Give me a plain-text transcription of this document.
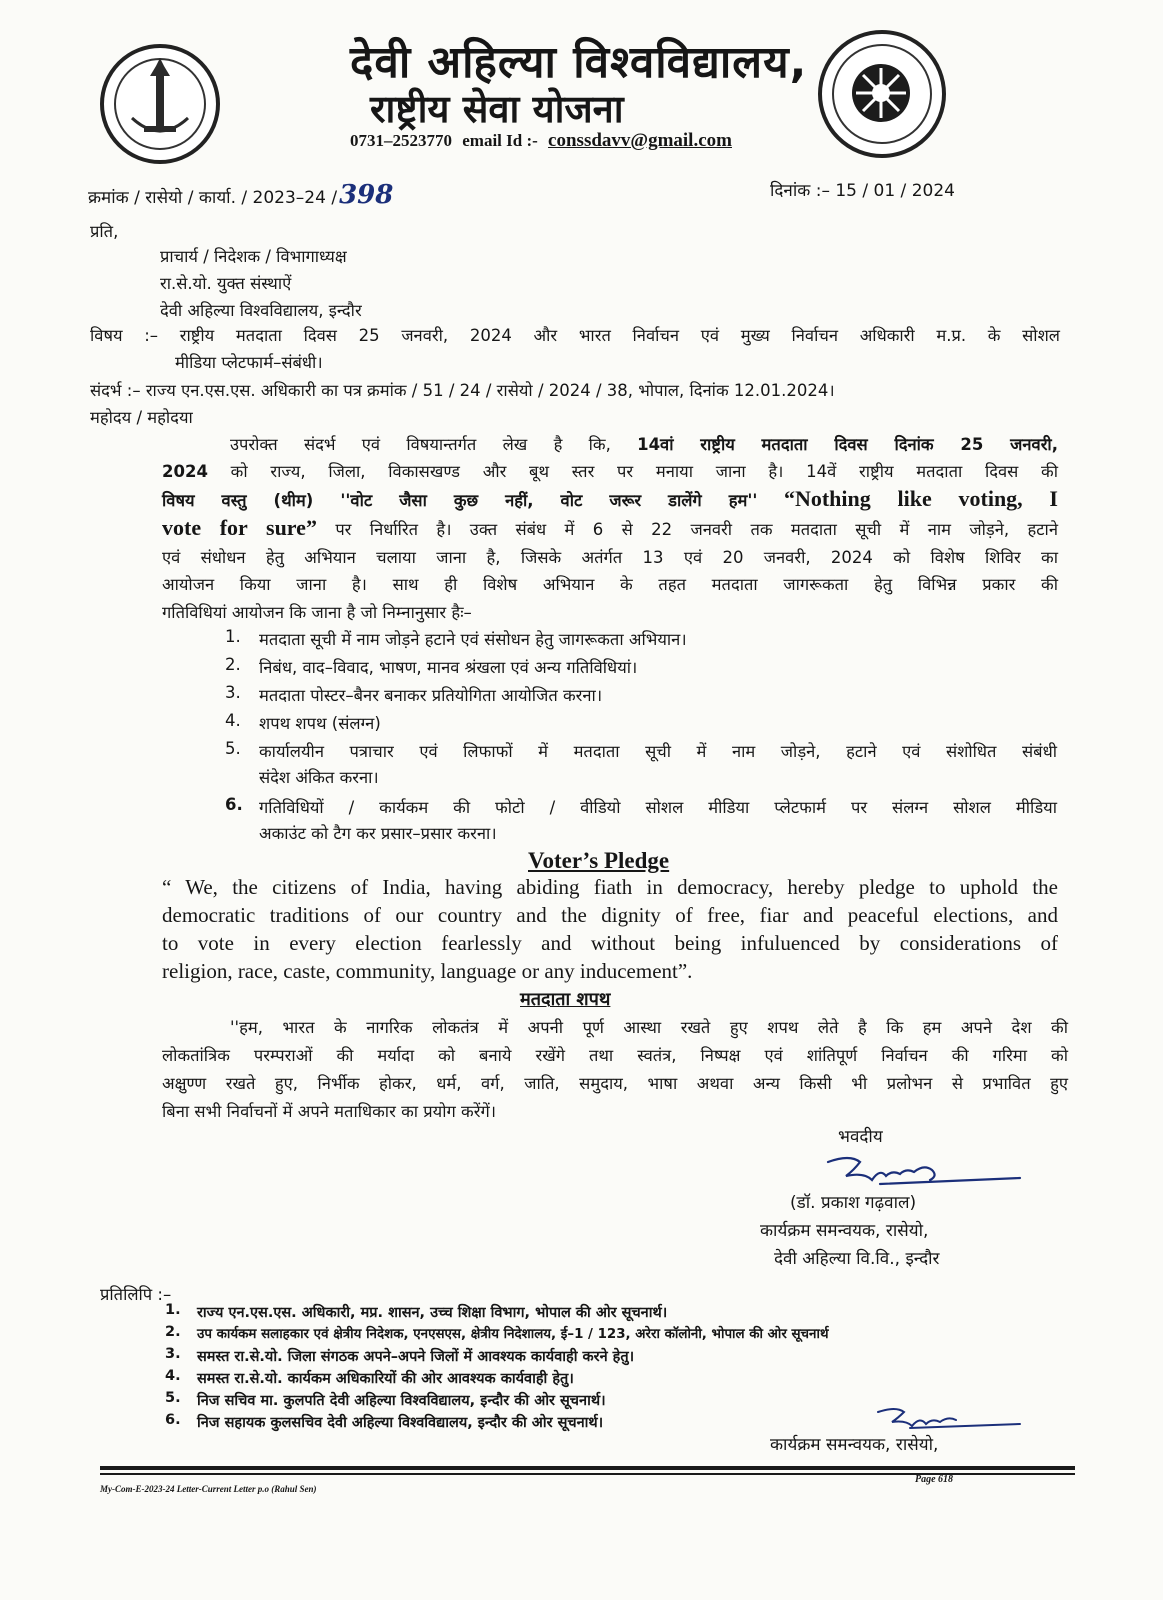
देवी अहिल्या विश्वविद्यालय,
राष्ट्रीय सेवा योजना
0731–2523770 email Id :- conssdavv@gmail.com
क्रमांक / रासेयो / कार्या. / 2023–24 /398	दिनांक :– 15 / 01 / 2024
प्रति,
प्राचार्य / निदेशक / विभागाध्यक्ष
रा.से.यो. युक्त संस्थाऐं
देवी अहिल्या विश्वविद्यालय, इन्दौर
विषय :– राष्ट्रीय मतदाता दिवस 25 जनवरी, 2024 और भारत निर्वाचन एवं मुख्य निर्वाचन अधिकारी म.प्र. के सोशल
मीडिया प्लेटफार्म–संबंधी।
संदर्भ :– राज्य एन.एस.एस. अधिकारी का पत्र क्रमांक / 51 / 24 / रासेयो / 2024 / 38, भोपाल, दिनांक 12.01.2024।
महोदय / महोदया
उपरोक्त संदर्भ एवं विषयान्तर्गत लेख है कि, 14वां राष्ट्रीय मतदाता दिवस दिनांक 25 जनवरी,
2024 को राज्य, जिला, विकासखण्ड और बूथ स्तर पर मनाया जाना है। 14वें राष्ट्रीय मतदाता दिवस की
विषय वस्तु (थीम) ''वोट जैसा कुछ नहीं, वोट जरूर डालेंगे हम'' “Nothing like voting, I
vote for sure” पर निर्धारित है। उक्त संबंध में 6 से 22 जनवरी तक मतदाता सूची में नाम जोड़ने, हटाने
एवं संधोधन हेतु अभियान चलाया जाना है, जिसके अतंर्गत 13 एवं 20 जनवरी, 2024 को विशेष शिविर का
आयोजन किया जाना है। साथ ही विशेष अभियान के तहत मतदाता जागरूकता हेतु विभिन्न प्रकार की
गतिविधियां आयोजन कि जाना है जो निम्नानुसार हैः–
1.	मतदाता सूची में नाम जोड़ने हटाने एवं संसोधन हेतु जागरूकता अभियान।
2.	निबंध, वाद–विवाद, भाषण, मानव श्रंखला एवं अन्य गतिविधियां।
3.	मतदाता पोस्टर–बैनर बनाकर प्रतियोगिता आयोजित करना।
4.	शपथ शपथ (संलग्न)
5.	कार्यालयीन पत्राचार एवं लिफाफों में मतदाता सूची में नाम जोड़ने, हटाने एवं संशोधित संबंधी
संदेश अंकित करना।
6. गतिविधियों / कार्यकम की फोटो / वीडियो सोशल मीडिया प्लेटफार्म पर संलग्न सोशल मीडिया
अकाउंट को टैग कर प्रसार–प्रसार करना।
Voter’s Pledge
“ We, the citizens of India, having abiding fiath in democracy, hereby pledge to uphold the
democratic traditions of our country and the dignity of free, fiar and peaceful elections, and
to vote in every election fearlessly and without being infuluenced by considerations of
religion, race, caste, community, language or any inducement”.
मतदाता शपथ
''हम, भारत के नागरिक लोकतंत्र में अपनी पूर्ण आस्था रखते हुए शपथ लेते है कि हम अपने देश की
लोकतांत्रिक परम्पराओं की मर्यादा को बनाये रखेंगे तथा स्वतंत्र, निष्पक्ष एवं शांतिपूर्ण निर्वाचन की गरिमा को
अक्षुण्ण रखते हुए, निर्भीक होकर, धर्म, वर्ग, जाति, समुदाय, भाषा अथवा अन्य किसी भी प्रलोभन से प्रभावित हुए
बिना सभी निर्वाचनों में अपने मताधिकार का प्रयोग करेंगें।
भवदीय
(डॉ. प्रकाश गढ़वाल)
कार्यक्रम समन्वयक, रासेयो,
देवी अहिल्या वि.वि., इन्दौर
प्रतिलिपि :–
1. राज्य एन.एस.एस. अधिकारी, मप्र. शासन, उच्च शिक्षा विभाग, भोपाल की ओर सूचनार्थ।
2. उप कार्यकम सलाहकार एवं क्षेत्रीय निदेशक, एनएसएस, क्षेत्रीय निदेशालय, ई–1 / 123, अरेरा कॉलोनी, भोपाल की ओर सूचनार्थ
3. समस्त रा.से.यो. जिला संगठक अपने–अपने जिलों में आवश्यक कार्यवाही करने हेतु।
4. समस्त रा.से.यो. कार्यकम अधिकारियों की ओर आवश्यक कार्यवाही हेतु।
5. निज सचिव मा. कुलपति देवी अहिल्या विश्वविद्यालय, इन्दौर की ओर सूचनार्थ।
6. निज सहायक कुलसचिव देवी अहिल्या विश्वविद्यालय, इन्दौर की ओर सूचनार्थ।
कार्यक्रम समन्वयक, रासेयो,
My-Com-E-2023-24 Letter-Current Letter p.o (Rahul Sen)
Page 618
